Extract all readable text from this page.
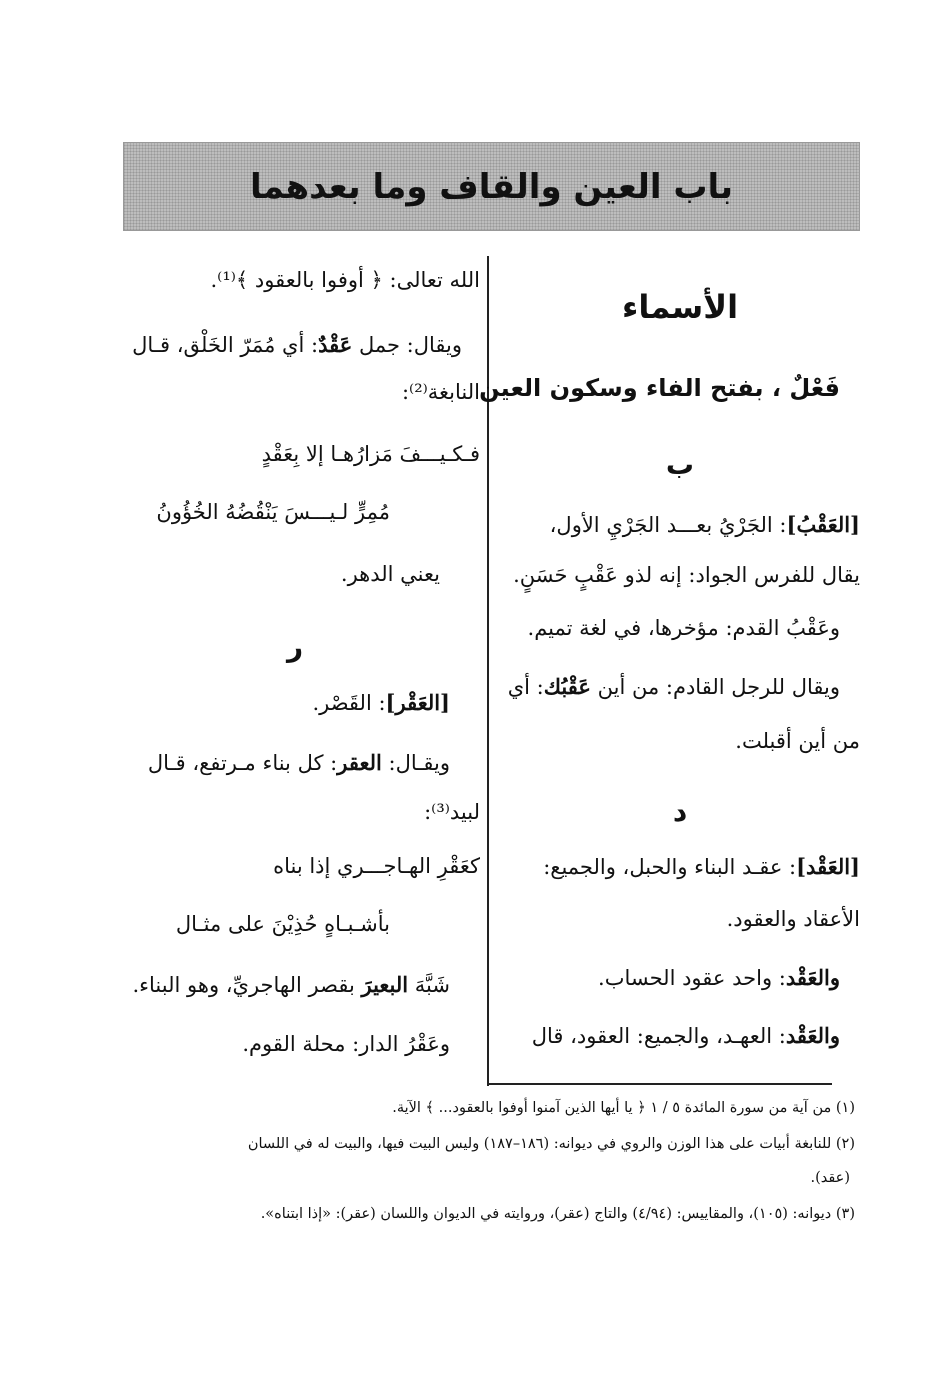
باب العين والقاف وما بعدهما
الأسماء
فَعْلٌ ، بفتح الفاء وسكون العين
ب
[العَقْبُ]: الجَرْيُ بعـــد الجَرْيِ الأول،
يقال للفرس الجواد: إنه لذو عَقْبٍ حَسَنٍ.
وعَقْبُ القدم: مؤخرها، في لغة تميم.
ويقال للرجل القادم: من أين عَقْبُك: أي
من أين أقبلت.
د
[العَقْد]: عقـد البناء والحبل، والجميع:
الأعقاد والعقود.
والعَقْد: واحد عقود الحساب.
والعَقْد: العهـد، والجميع: العقود، قال
الله تعالى: ﴿ أوفوا بالعقود ﴾⁽¹⁾.
ويقال: جمل عَقْدٌ: أي مُمَرّ الخَلْق، قـال
النابغة⁽²⁾:
فـكـيـــفَ مَزارُهـا إلا بِعَقْدٍ
مُمِرٍّ لـيـــسَ يَنْقُضُهُ الخُؤُونُ
يعني الدهر.
ر
[العَقْر]: القَصْر.
ويقـال: العقر: كل بناء مـرتفع، قـال
لبيد⁽³⁾:
كعَقْرِ الهـاجـــري إذا بناه
بأشـبـاهٍ حُذِيْنَ على مثـال
شَبَّهَ البعيرَ بقصر الهاجريِّ، وهو البناء.
وعَقْرُ الدار: محلة القوم.
(١) من آية من سورة المائدة ٥ / ١ ﴿ يا أيها الذين آمنوا أوفوا بالعقود... ﴾ الآية.
(٢) للنابغة أبيات على هذا الوزن والروي في ديوانه: (١٨٦–١٨٧) وليس البيت فيها، والبيت له في اللسان
(عقد).
(٣) ديوانه: (١٠٥)، والمقاييس: (٤/٩٤) والتاج (عقر)، وروايته في الديوان واللسان (عقر): «إذا ابتناه».
